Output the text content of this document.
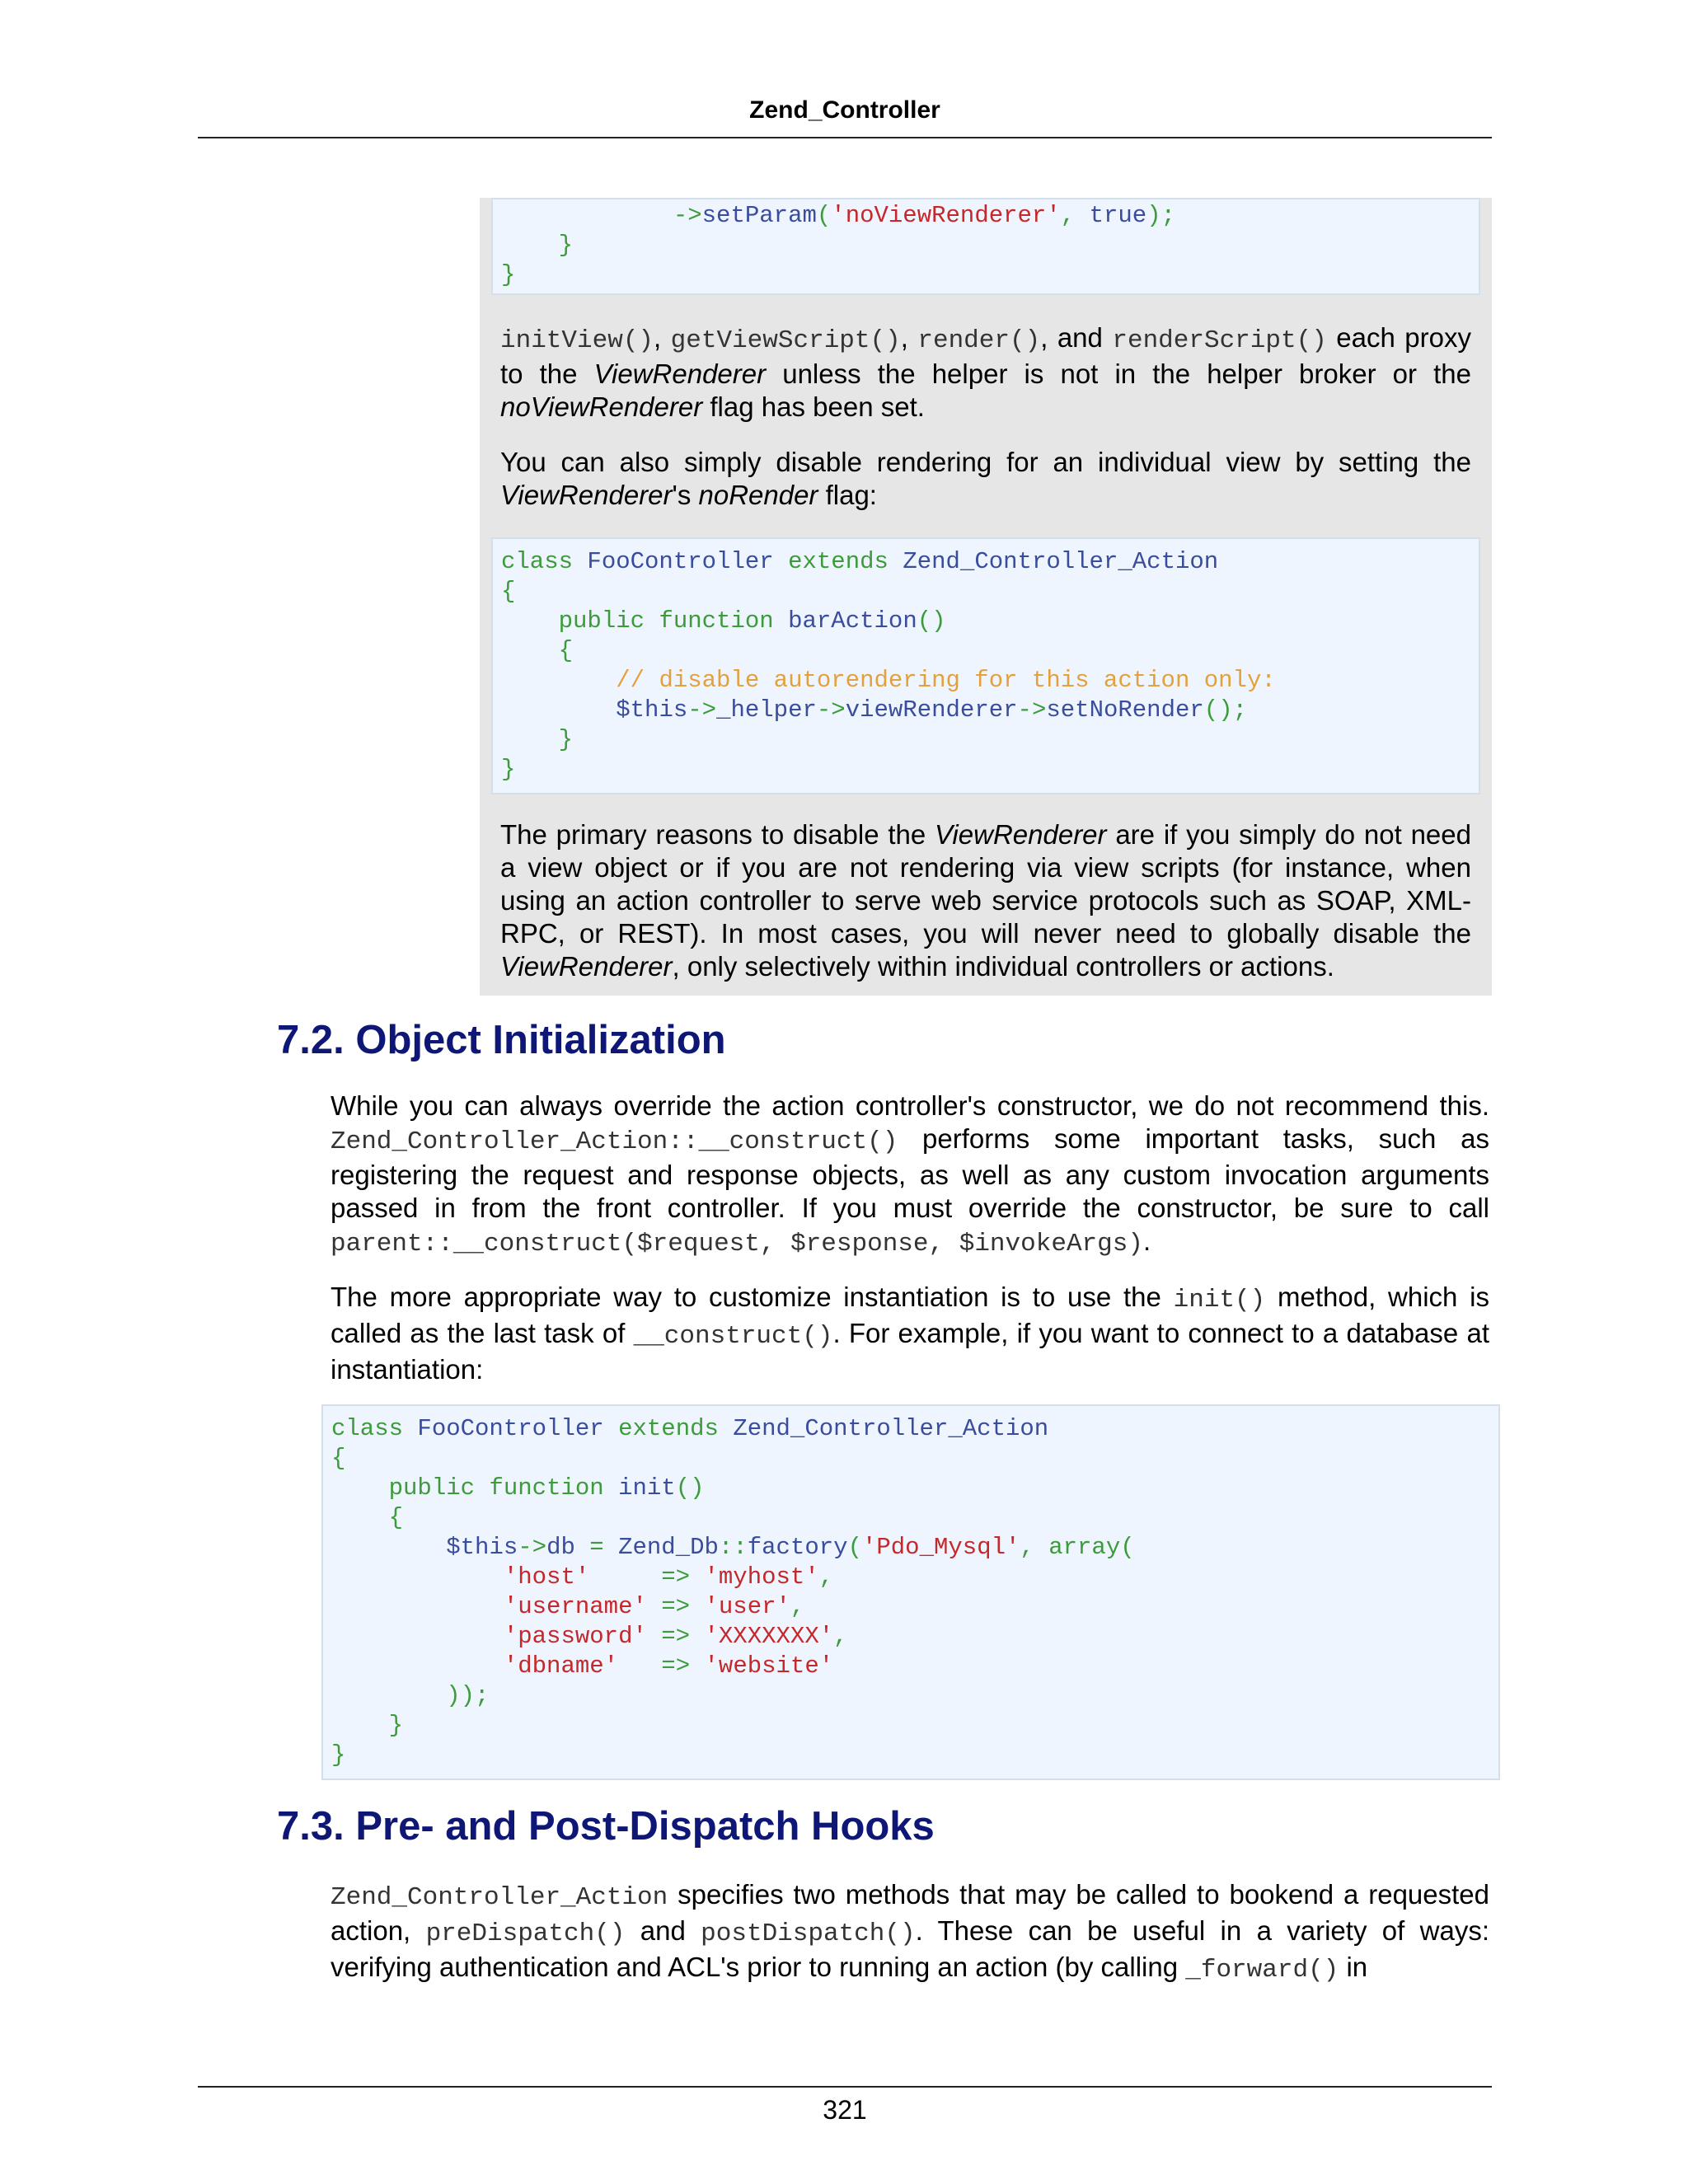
Zend_Controller
->setParam('noViewRenderer', true);
}
}

initView(), getViewScript(), render(), and renderScript() each proxy to the ViewRenderer unless the helper is not in the helper broker or the noViewRenderer flag has been set.

You can also simply disable rendering for an individual view by setting the ViewRenderer's noRender flag:

class FooController extends Zend_Controller_Action
{
public function barAction()
{
// disable autorendering for this action only:
$this->_helper->viewRenderer->setNoRender();
}
}

The primary reasons to disable the ViewRenderer are if you simply do not need a view object or if you are not rendering via view scripts (for instance, when using an action controller to serve web service protocols such as SOAP, XML-RPC, or REST). In most cases, you will never need to globally disable the ViewRenderer, only selectively within individual controllers or actions.

7.2. Object Initialization

While you can always override the action controller's constructor, we do not recommend this. Zend_Controller_Action::__construct() performs some important tasks, such as registering the request and response objects, as well as any custom invocation arguments passed in from the front controller. If you must override the constructor, be sure to call parent::__construct($request, $response, $invokeArgs).

The more appropriate way to customize instantiation is to use the init() method, which is called as the last task of __construct(). For example, if you want to connect to a database at instantiation:

class FooController extends Zend_Controller_Action
{
public function init()
{
$this->db = Zend_Db::factory('Pdo_Mysql', array(
'host'	=> 'myhost',
'username' => 'user',
'password' => 'XXXXXXX',
'dbname' => 'website'
));
}
}
7.3. Pre- and Post-Dispatch Hooks

Zend_Controller_Action specifies two methods that may be called to bookend a requested action, preDispatch() and postDispatch(). These can be useful in a variety of ways: verifying authentication and ACL's prior to running an action (by calling _forward() in

321
